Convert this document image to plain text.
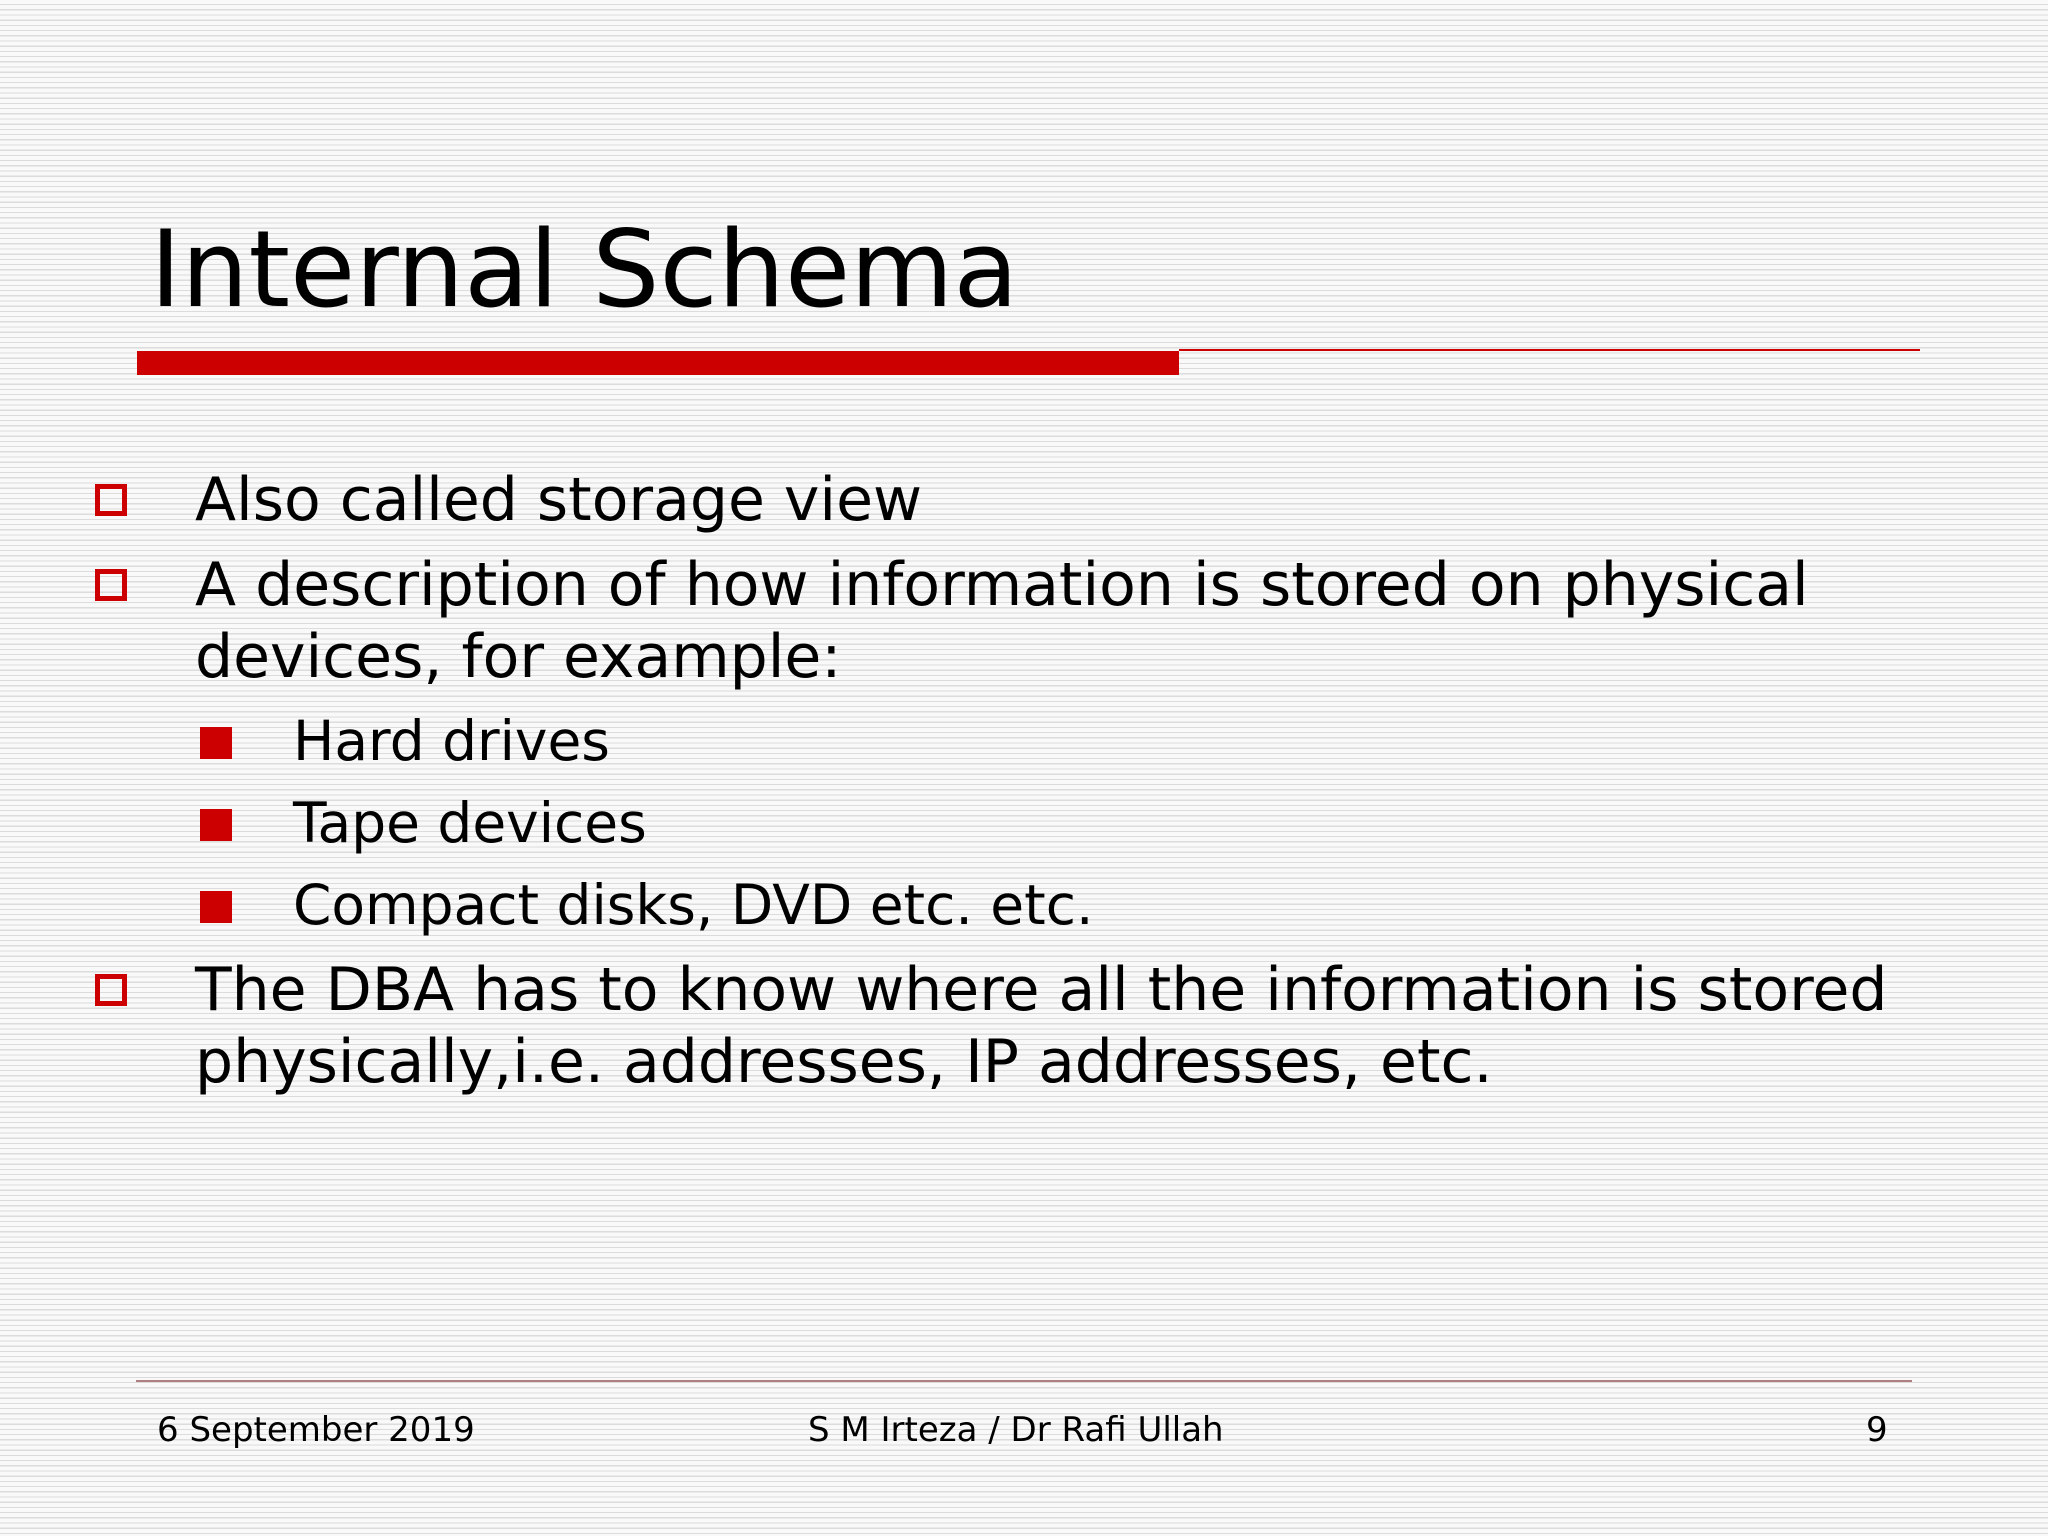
Internal Schema
Also called storage view
A description of how information is stored on physical
devices, for example:
Hard drives
Tape devices
Compact disks, DVD etc. etc.
The DBA has to know where all the information is stored
physically,i.e. addresses, IP addresses, etc.
6 September 2019	S M Irteza / Dr Rafi Ullah	9
